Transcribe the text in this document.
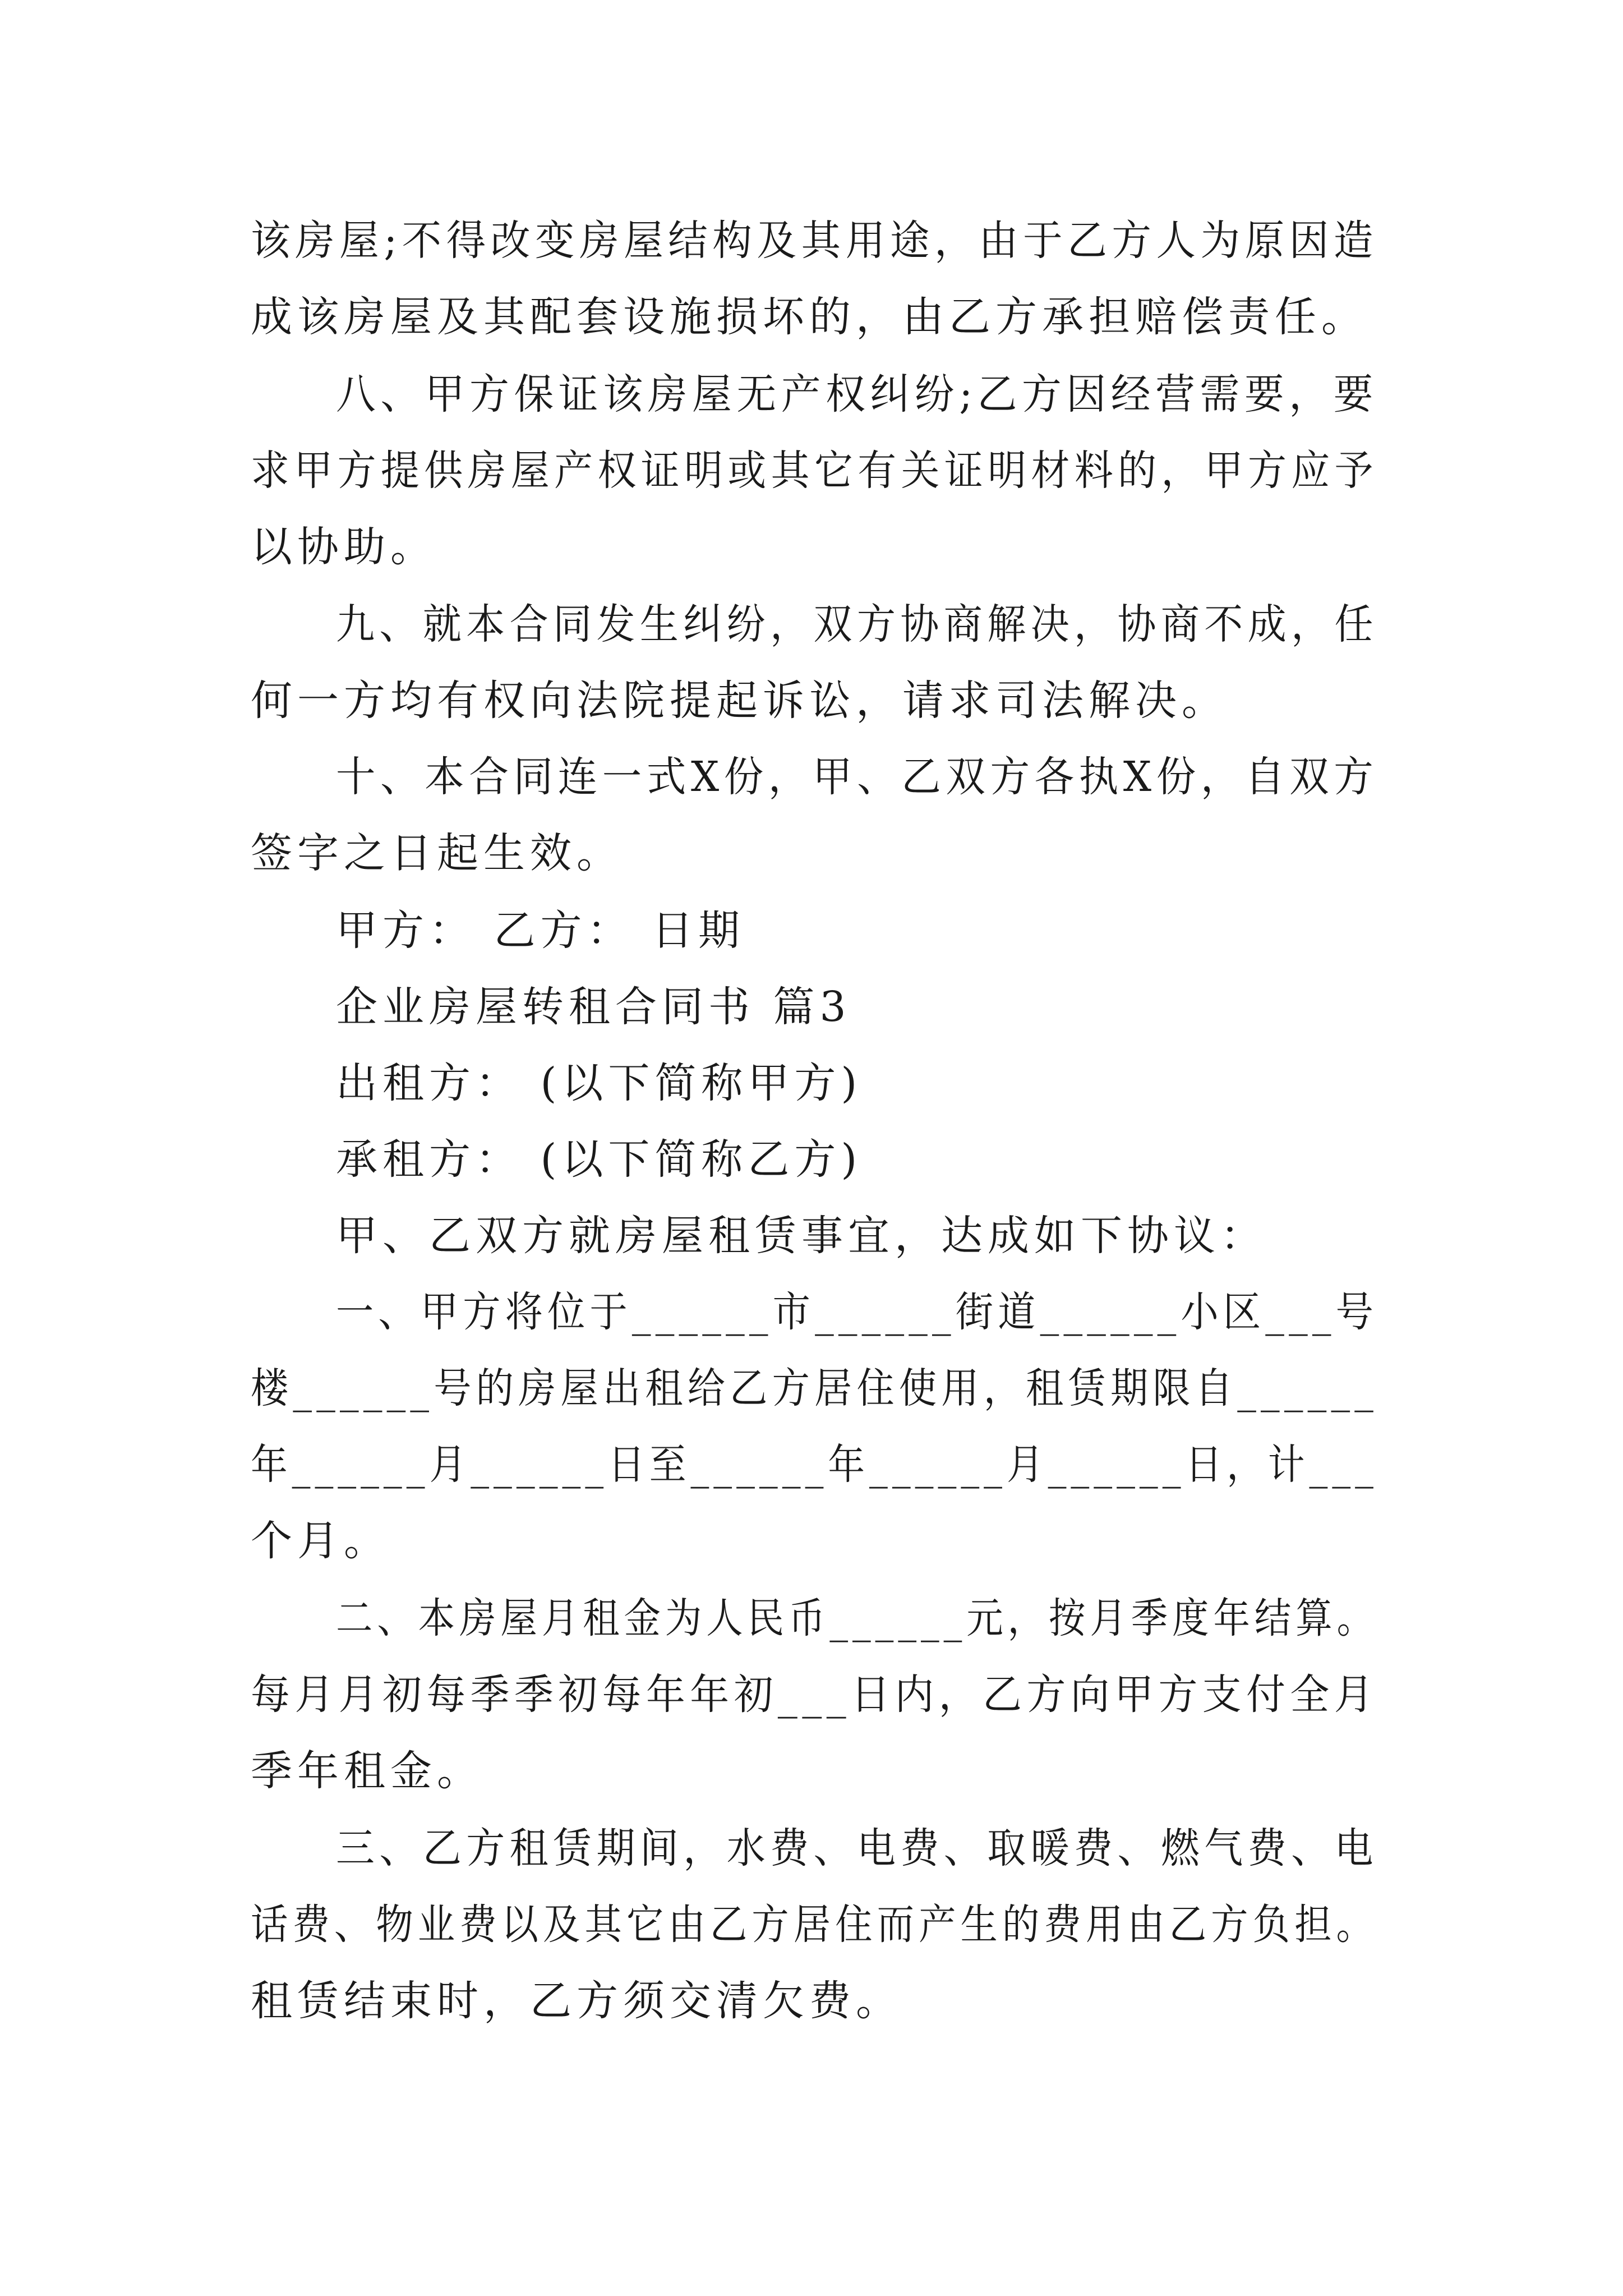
该房屋;不得改变房屋结构及其用途，由于乙方人为原因造
成该房屋及其配套设施损坏的，由乙方承担赔偿责任。
八、甲方保证该房屋无产权纠纷;乙方因经营需要，要
求甲方提供房屋产权证明或其它有关证明材料的，甲方应予
以协助。
九、就本合同发生纠纷，双方协商解决，协商不成，任
何一方均有权向法院提起诉讼，请求司法解决。
十、本合同连一式X份，甲、乙双方各执X份，自双方
签字之日起生效。
甲方： 乙方： 日期
企业房屋转租合同书 篇3
出租方： (以下简称甲方)
承租方： (以下简称乙方)
甲、乙双方就房屋租赁事宜，达成如下协议：
一、甲方将位于______市______街道______小区___号
楼______号的房屋出租给乙方居住使用，租赁期限自______
年______月______日至______年______月______日，计___
个月。
二、本房屋月租金为人民币______元，按月季度年结算。
每月月初每季季初每年年初___日内，乙方向甲方支付全月
季年租金。
三、乙方租赁期间，水费、电费、取暖费、燃气费、电
话费、物业费以及其它由乙方居住而产生的费用由乙方负担。
租赁结束时，乙方须交清欠费。
